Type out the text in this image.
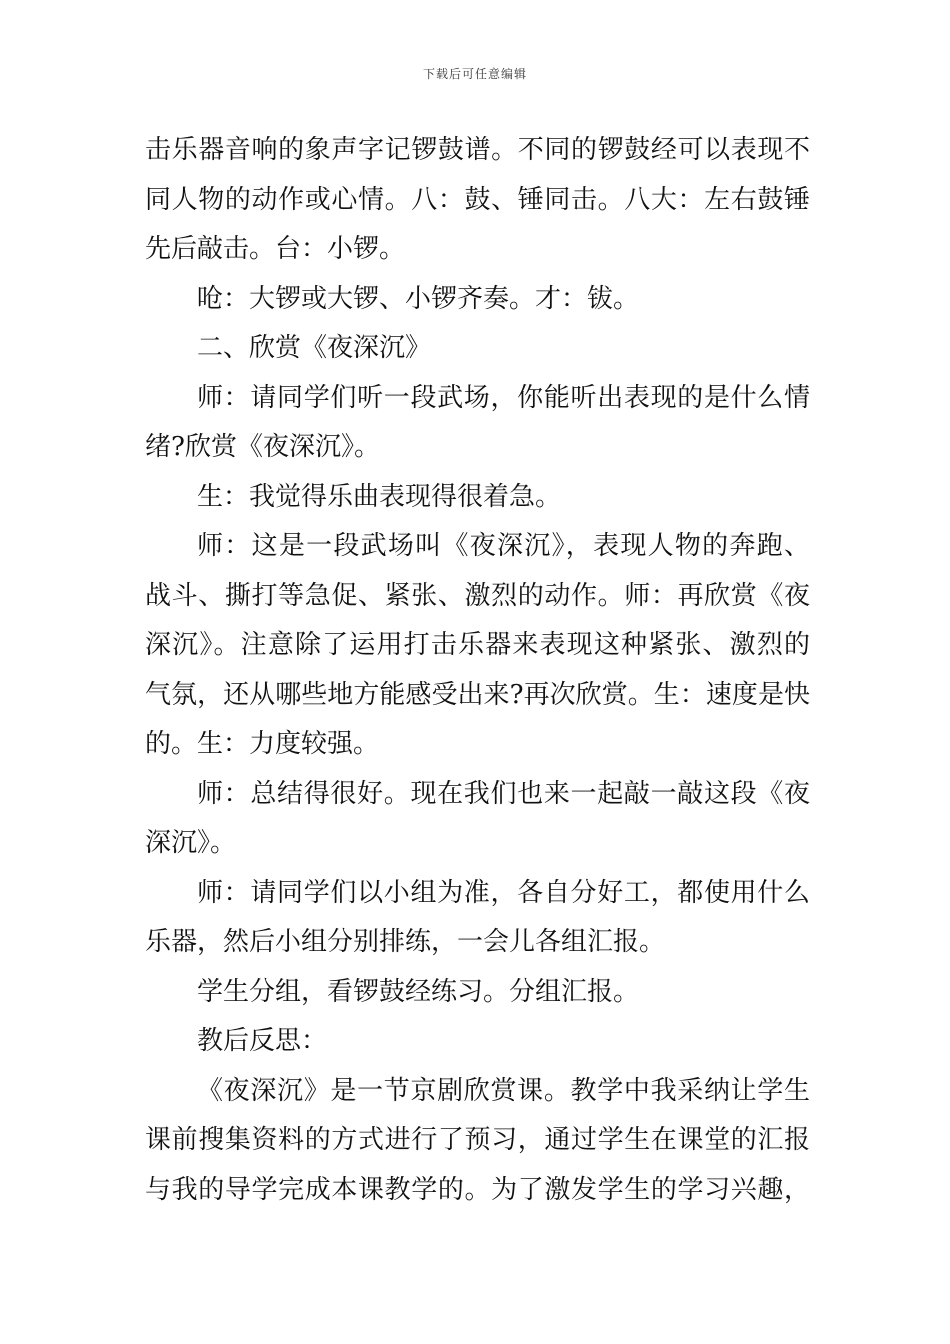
下载后可任意编辑
击乐器音响的象声字记锣鼓谱。不同的锣鼓经可以表现不
同人物的动作或心情。八：鼓、锤同击。八大：左右鼓锤
先后敲击。台：小锣。
呛：大锣或大锣、小锣齐奏。才：钹。
二、欣赏《夜深沉》
师：请同学们听一段武场，你能听出表现的是什么情
绪?欣赏《夜深沉》。
生：我觉得乐曲表现得很着急。
师：这是一段武场叫《夜深沉》，表现人物的奔跑、
战斗、撕打等急促、紧张、激烈的动作。师：再欣赏《夜
深沉》。注意除了运用打击乐器来表现这种紧张、激烈的
气氛，还从哪些地方能感受出来?再次欣赏。生：速度是快
的。生：力度较强。
师：总结得很好。现在我们也来一起敲一敲这段《夜
深沉》。
师：请同学们以小组为准，各自分好工，都使用什么
乐器，然后小组分别排练，一会儿各组汇报。
学生分组，看锣鼓经练习。分组汇报。
教后反思：
《夜深沉》是一节京剧欣赏课。教学中我采纳让学生
课前搜集资料的方式进行了预习，通过学生在课堂的汇报
与我的导学完成本课教学的。为了激发学生的学习兴趣，
